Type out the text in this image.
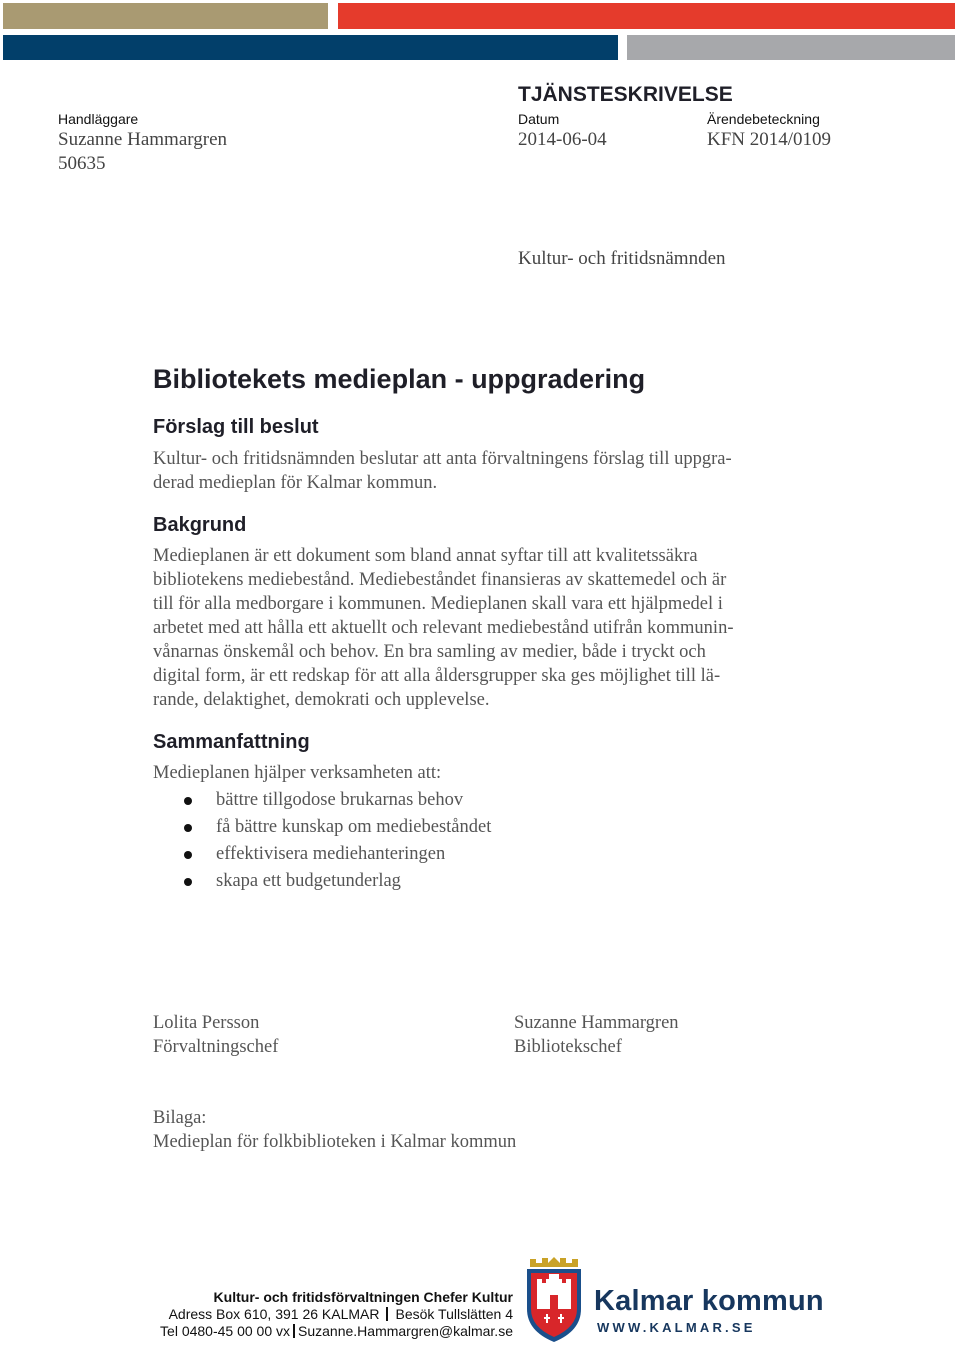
TJÄNSTESKRIVELSE
Handläggare
Suzanne Hammargren
50635
Datum
2014-06-04
Ärendebeteckning
KFN 2014/0109
Kultur- och fritidsnämnden
Bibliotekets medieplan - uppgradering
Förslag till beslut
Kultur- och fritidsnämnden beslutar att anta förvaltningens förslag till uppgra-
derad medieplan för Kalmar kommun.
Bakgrund
Medieplanen är ett dokument som bland annat syftar till att kvalitetssäkra
bibliotekens mediebestånd. Mediebeståndet finansieras av skattemedel och är
till för alla medborgare i kommunen. Medieplanen skall vara ett hjälpmedel i
arbetet med att hålla ett aktuellt och relevant mediebestånd utifrån kommunin-
vånarnas önskemål och behov. En bra samling av medier, både i tryckt och
digital form, är ett redskap för att alla åldersgrupper ska ges möjlighet till lä-
rande, delaktighet, demokrati och upplevelse.
Sammanfattning
Medieplanen hjälper verksamheten att:
bättre tillgodose brukarnas behov
få bättre kunskap om mediebeståndet
effektivisera mediehanteringen
skapa ett budgetunderlag
Lolita Persson
Förvaltningschef
Suzanne Hammargren
Bibliotekschef
Bilaga:
Medieplan för folkbiblioteken i Kalmar kommun
Kultur- och fritidsförvaltningen Chefer Kultur
Adress Box 610, 391 26 KALMAR Besök Tullslätten 4
Tel 0480-45 00 00 vx Suzanne.Hammargren@kalmar.se
Kalmar kommun
WWW.KALMAR.SE
